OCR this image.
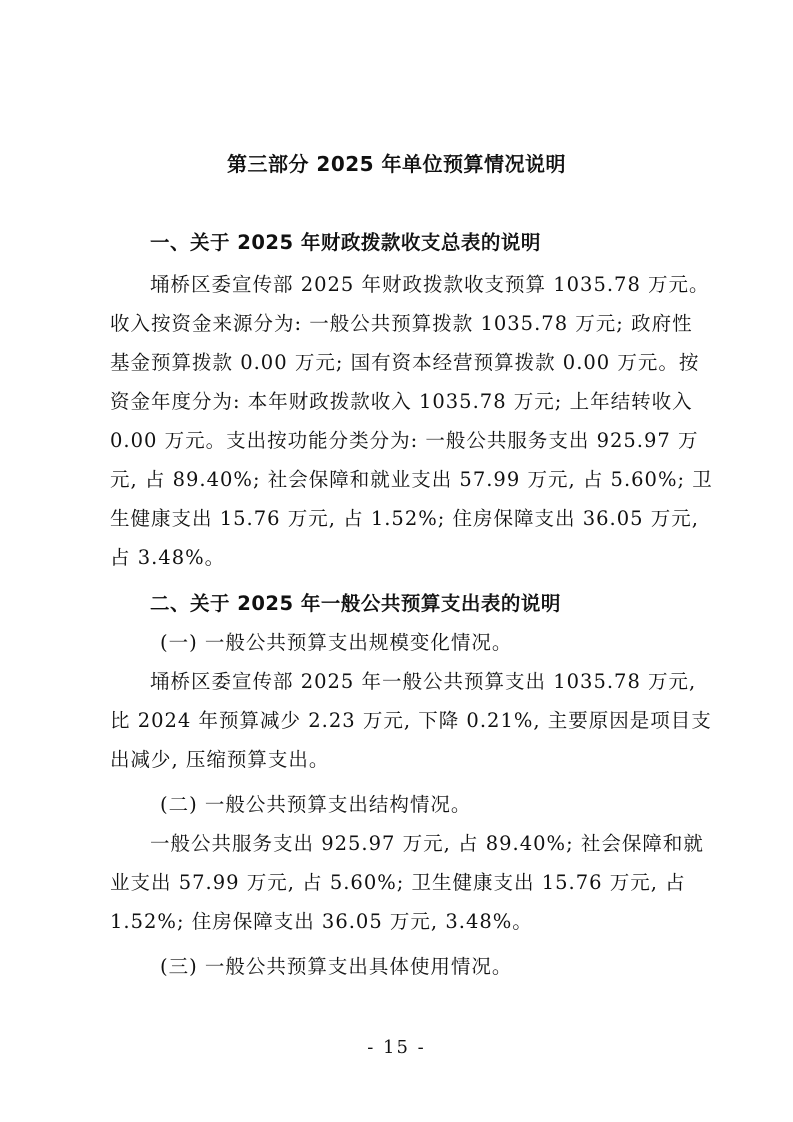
第三部分 2025 年单位预算情况说明
一、关于 2025 年财政拨款收支总表的说明
埇桥区委宣传部 2025 年财政拨款收支预算 1035.78 万元。
收入按资金来源分为: 一般公共预算拨款 1035.78 万元; 政府性
基金预算拨款 0.00 万元; 国有资本经营预算拨款 0.00 万元。按
资金年度分为: 本年财政拨款收入 1035.78 万元; 上年结转收入
0.00 万元。支出按功能分类分为: 一般公共服务支出 925.97 万
元, 占 89.40%; 社会保障和就业支出 57.99 万元, 占 5.60%; 卫
生健康支出 15.76 万元, 占 1.52%; 住房保障支出 36.05 万元,
占 3.48%。
二、关于 2025 年一般公共预算支出表的说明
(一) 一般公共预算支出规模变化情况。
埇桥区委宣传部 2025 年一般公共预算支出 1035.78 万元,
比 2024 年预算减少 2.23 万元, 下降 0.21%, 主要原因是项目支
出减少, 压缩预算支出。
(二) 一般公共预算支出结构情况。
一般公共服务支出 925.97 万元, 占 89.40%; 社会保障和就
业支出 57.99 万元, 占 5.60%; 卫生健康支出 15.76 万元, 占
1.52%; 住房保障支出 36.05 万元, 3.48%。
(三) 一般公共预算支出具体使用情况。
- 15 -
